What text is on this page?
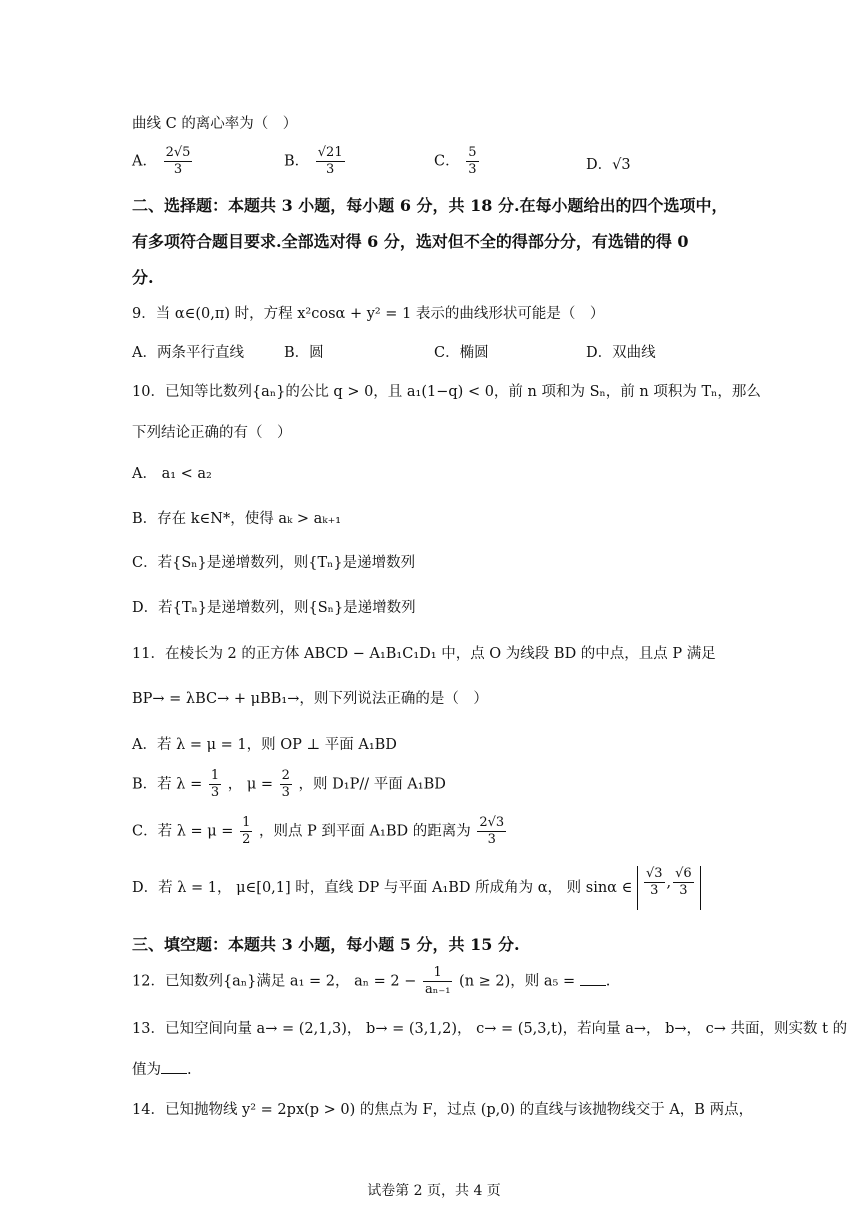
曲线 C 的离心率为（　）
A． $\frac{2√5}{3}$	B． $\frac{√21}{3}$	C． $\frac{5}{3}$	D．√3
二、选择题：本题共 3 小题，每小题 6 分，共 18 分.在每小题给出的四个选项中，
有多项符合题目要求.全部选对得 6 分，选对但不全的得部分分，有选错的得 0
分.
9．当 α∈(0,π) 时，方程 x²cosα + y² = 1 表示的曲线形状可能是（　）
A．两条平行直线	B．圆	C．椭圆	D．双曲线
10．已知等比数列{aₙ}的公比 q > 0，且 a₁(1−q) < 0，前 n 项和为 Sₙ，前 n 项积为 Tₙ，那么
下列结论正确的有（　）
A． a₁ < a₂
B．存在 k∈N*，使得 aₖ > aₖ₊₁
C．若{Sₙ}是递增数列，则{Tₙ}是递增数列
D．若{Tₙ}是递增数列，则{Sₙ}是递增数列
11．在棱长为 2 的正方体 ABCD − A₁B₁C₁D₁ 中，点 O 为线段 BD 的中点，且点 P 满足
BP→ = λBC→ + μBB₁→，则下列说法正确的是（　）
A．若 λ = μ = 1，则 OP ⊥ 平面 A₁BD
B．若 $\lambda = \frac{1}{3}$ ， $\mu = \frac{2}{3}$ ，则 D₁P// 平面 A₁BD
C．若 $\lambda = \mu = \frac{1}{2}$ ，则点 P 到平面 A₁BD 的距离为 $\frac{2√3}{3}$
D．若 λ = 1， μ∈[0,1] 时，直线 DP 与平面 A₁BD 所成角为 α， 则 sinα ∈ $\frac{√3}{3}$ , $\frac{√6}{3}$
三、填空题：本题共 3 小题，每小题 5 分，共 15 分.
12．已知数列{aₙ}满足 a₁ = 2， $a_n = 2 - \frac{1}{\text{aₙ₋₁}} (n \ge 2)$，则 a₅ = .
13．已知空间向量 a→ = (2,1,3)， b→ = (3,1,2)， c→ = (5,3,t)，若向量 a→， b→， c→ 共面，则实数 t 的
值为 .
14．已知抛物线 y² = 2px(p > 0) 的焦点为 F，过点 (p,0) 的直线与该抛物线交于 A，B 两点，
试卷第 2 页，共 4 页
